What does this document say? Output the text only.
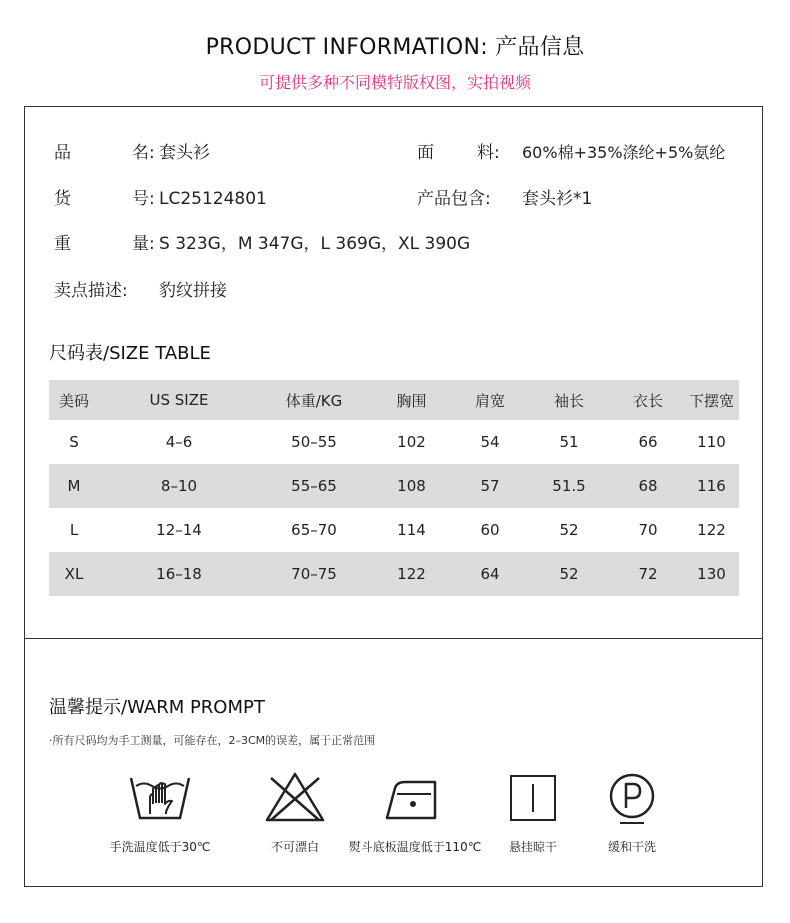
PRODUCT INFORMATION: 产品信息
可提供多种不同模特版权图，实拍视频
品	名: 套头衫	面	料: 60%棉+35%涤纶+5%氨纶
货	号: LC25124801	产品包含: 套头衫*1
重	量: S 323G，M 347G，L 369G，XL 390G
卖点描述: 豹纹拼接
尺码表/SIZE TABLE
美码	US SIZE	体重/KG	胸围	肩宽	袖长	衣长	下摆宽
S	4–6	50–55	102	54	51	66	110
M	8–10	55–65	108	57	51.5	68	116
L	12–14	65–70	114	60	52	70	122
XL	16–18	70–75	122	64	52	72	130
温馨提示/WARM PROMPT
·所有尺码均为手工测量，可能存在，2–3CM的误差，属于正常范围
手洗温度低于30℃	不可漂白	熨斗底板温度低于110℃	悬挂晾干	缓和干洗
